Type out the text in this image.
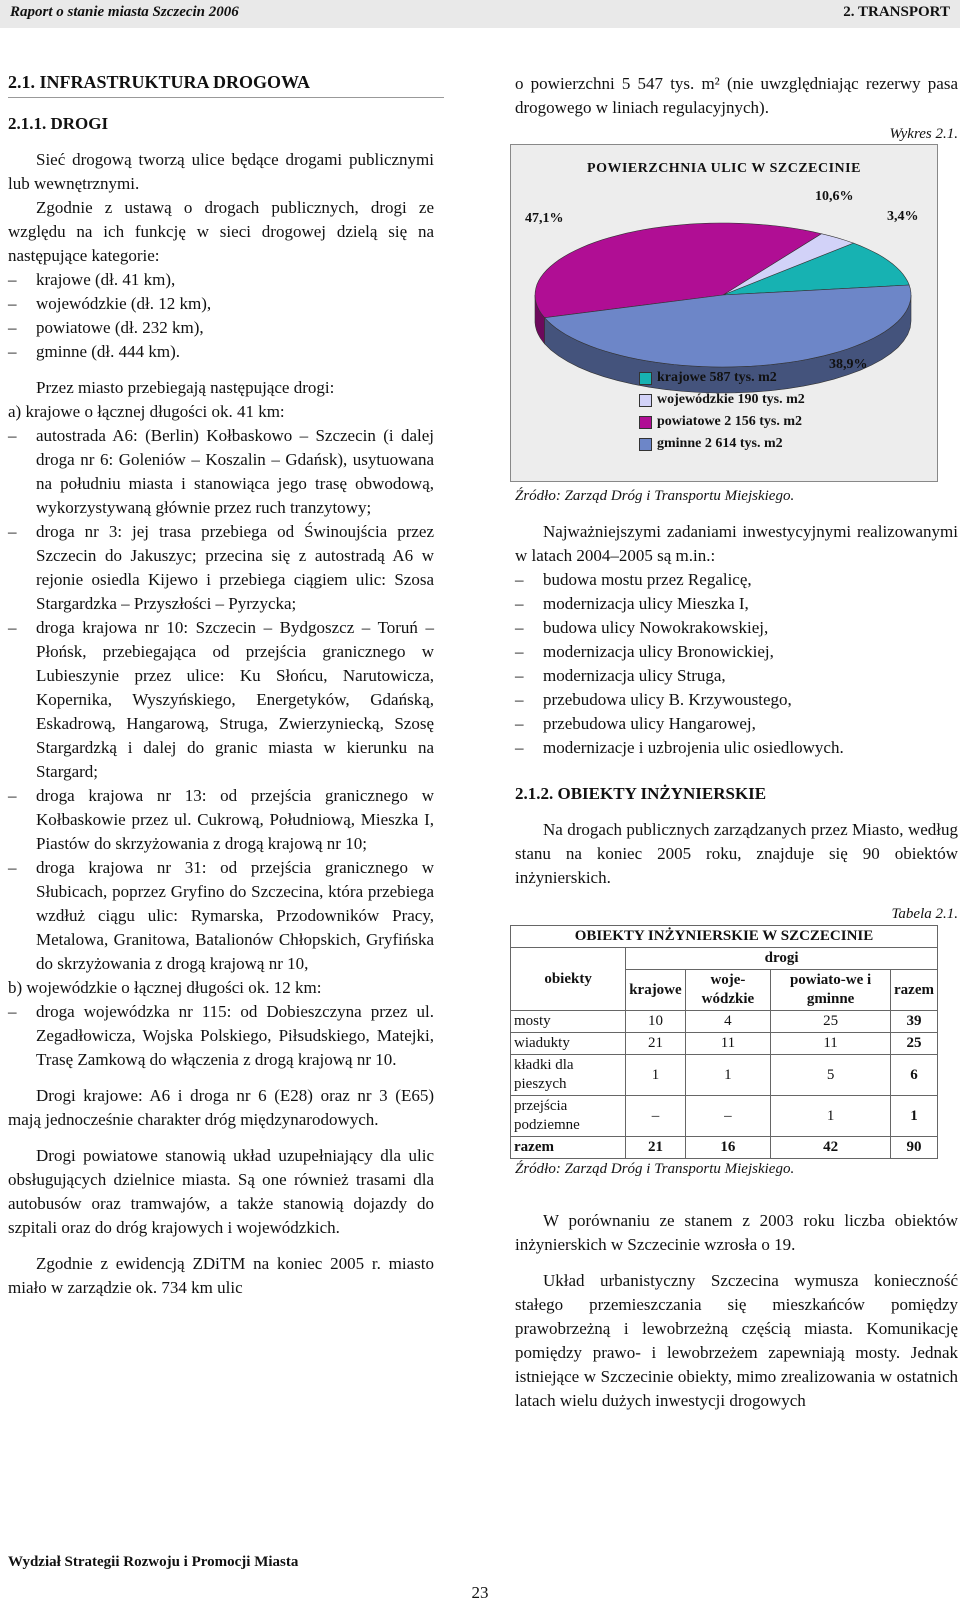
Raport o stanie miasta Szczecin 2006	2. TRANSPORT
2.1. INFRASTRUKTURA DROGOWA
2.1.1. DROGI
Sieć drogową tworzą ulice będące drogami publicznymi lub wewnętrznymi.
Zgodnie z ustawą o drogach publicznych, drogi ze względu na ich funkcję w sieci drogowej dzielą się na następujące kategorie:
– krajowe (dł. 41 km),
– wojewódzkie (dł. 12 km),
– powiatowe (dł. 232 km),
– gminne (dł. 444 km).
Przez miasto przebiegają następujące drogi:
a) krajowe o łącznej długości ok. 41 km:
– autostrada A6: (Berlin) Kołbaskowo – Szczecin (i dalej droga nr 6: Goleniów – Koszalin – Gdańsk), usytuowana na południu miasta i stanowiąca jego trasę obwodową, wykorzystywaną głównie przez ruch tranzytowy;
– droga nr 3: jej trasa przebiega od Świnoujścia przez Szczecin do Jakuszyc; przecina się z autostradą A6 w rejonie osiedla Kijewo i przebiega ciągiem ulic: Szosa Stargardzka – Przyszłości – Pyrzycka;
– droga krajowa nr 10: Szczecin – Bydgoszcz – Toruń – Płońsk, przebiegająca od przejścia granicznego w Lubieszynie przez ulice: Ku Słońcu, Narutowicza, Kopernika, Wyszyńskiego, Energetyków, Gdańską, Eskadrową, Hangarową, Struga, Zwierzyniecką, Szosę Stargardzką i dalej do granic miasta w kierunku na Stargard;
– droga krajowa nr 13: od przejścia granicznego w Kołbaskowie przez ul. Cukrową, Południową, Mieszka I, Piastów do skrzyżowania z drogą krajową nr 10;
– droga krajowa nr 31: od przejścia granicznego w Słubicach, poprzez Gryfino do Szczecina, która przebiega wzdłuż ciągu ulic: Rymarska, Przodowników Pracy, Metalowa, Granitowa, Batalionów Chłopskich, Gryfińska do skrzyżowania z drogą krajową nr 10,
b) wojewódzkie o łącznej długości ok. 12 km:
– droga wojewódzka nr 115: od Dobieszczyna przez ul. Zegadłowicza, Wojska Polskiego, Piłsudskiego, Matejki, Trasę Zamkową do włączenia z drogą krajową nr 10.
Drogi krajowe: A6 i droga nr 6 (E28) oraz nr 3 (E65) mają jednocześnie charakter dróg międzynarodowych.
Drogi powiatowe stanowią układ uzupełniający dla ulic obsługujących dzielnice miasta. Są one również trasami dla autobusów oraz tramwajów, a także stanowią dojazdy do szpitali oraz do dróg krajowych i wojewódzkich.
Zgodnie z ewidencją ZDiTM na koniec 2005 r. miasto miało w zarządzie ok. 734 km ulic
o powierzchni 5 547 tys. m² (nie uwzględniając rezerwy pasa drogowego w liniach regulacyjnych).
Wykres 2.1.
POWIERZCHNIA ULIC W SZCZECINIE
47,1%
10,6%
3,4%
38,9%
krajowe 587 tys. m2
wojewódzkie 190 tys. m2
powiatowe 2 156 tys. m2
gminne 2 614 tys. m2
Źródło: Zarząd Dróg i Transportu Miejskiego.
Najważniejszymi zadaniami inwestycyjnymi realizowanymi w latach 2004–2005 są m.in.:
– budowa mostu przez Regalicę,
– modernizacja ulicy Mieszka I,
– budowa ulicy Nowokrakowskiej,
– modernizacja ulicy Bronowickiej,
– modernizacja ulicy Struga,
– przebudowa ulicy B. Krzywoustego,
– przebudowa ulicy Hangarowej,
– modernizacje i uzbrojenia ulic osiedlowych.
2.1.2. OBIEKTY INŻYNIERSKIE
Na drogach publicznych zarządzanych przez Miasto, według stanu na koniec 2005 roku, znajduje się 90 obiektów inżynierskich.
Tabela 2.1.
OBIEKTY INŻYNIERSKIE W SZCZECINIE				
obiekty	drogi			
	krajowe	woje-wódzkie	powiato-we i gminne	razem
mosty	10	4	25	39
wiadukty	21	11	11	25
kładki dla pieszych	1	1	5	6
przejścia podziemne	–	–	1	1
razem	21	16	42	90
Źródło: Zarząd Dróg i Transportu Miejskiego.
W porównaniu ze stanem z 2003 roku liczba obiektów inżynierskich w Szczecinie wzrosła o 19.
Układ urbanistyczny Szczecina wymusza konieczność stałego przemieszczania się mieszkańców pomiędzy prawobrzeżną i lewobrzeżną częścią miasta. Komunikację pomiędzy prawo- i lewobrzeżem zapewniają mosty. Jednak istniejące w Szczecinie obiekty, mimo zrealizowania w ostatnich latach wielu dużych inwestycji drogowych
Wydział Strategii Rozwoju i Promocji Miasta
23
